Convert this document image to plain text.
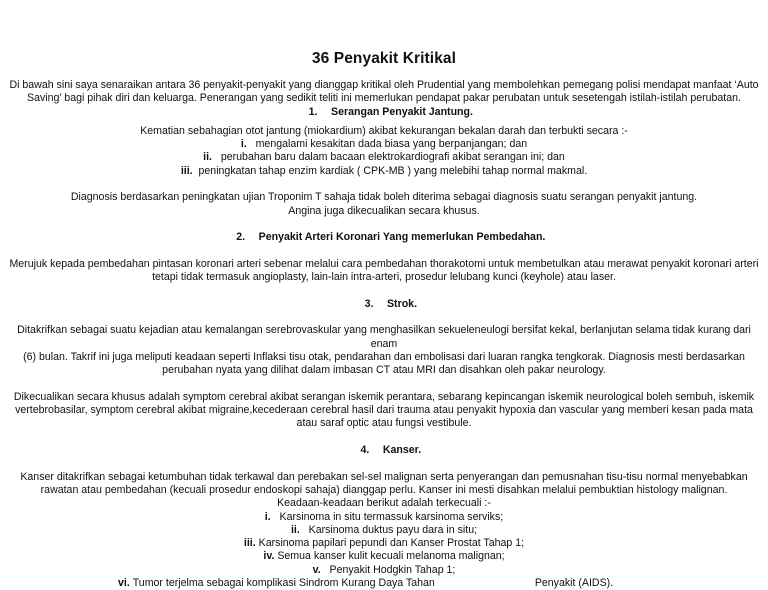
36 Penyakit Kritikal

Di bawah sini saya senaraikan antara 36 penyakit-penyakit yang dianggap kritikal oleh Prudential yang membolehkan pemegang polisi mendapat manfaat ‘Auto

Saving’ bagi pihak diri dan keluarga. Penerangan yang sedikit teliti ini memerlukan pendapat pakar perubatan untuk sesetengah istilah-istilah perubatan.

1. Serangan Penyakit Jantung.

Kematian sebahagian otot jantung (miokardium) akibat kekurangan bekalan darah dan terbukti secara :-

i. mengalami kesakitan dada biasa yang berpanjangan; dan

ii. perubahan baru dalam bacaan elektrokardiografi akibat serangan ini; dan

iii. peningkatan tahap enzim kardiak ( CPK-MB ) yang melebihi tahap normal makmal.

Diagnosis berdasarkan peningkatan ujian Troponim T sahaja tidak boleh diterima sebagai diagnosis suatu serangan penyakit jantung.

Angina juga dikecualikan secara khusus.

2. Penyakit Arteri Koronari Yang memerlukan Pembedahan.

Merujuk kepada pembedahan pintasan koronari arteri sebenar melalui cara pembedahan thorakotomi untuk membetulkan atau merawat penyakit koronari arteri

tetapi tidak termasuk angioplasty, lain-lain intra-arteri, prosedur lelubang kunci (keyhole) atau laser.

3. Strok.

Ditakrifkan sebagai suatu kejadian atau kemalangan serebrovaskular yang menghasilkan sekueleneulogi bersifat kekal, berlanjutan selama tidak kurang dari enam

(6) bulan. Takrif ini juga meliputi keadaan seperti Inflaksi tisu otak, pendarahan dan embolisasi dari luaran rangka tengkorak. Diagnosis mesti berdasarkan

perubahan nyata yang dilihat dalam imbasan CT atau MRI dan disahkan oleh pakar neurology.

Dikecualikan secara khusus adalah symptom cerebral akibat serangan iskemik perantara, sebarang kepincangan iskemik neurological boleh sembuh, iskemik

vertebrobasilar, symptom cerebral akibat migraine,kecederaan cerebral hasil dari trauma atau penyakit hypoxia dan vascular yang memberi kesan pada mata

atau saraf optic atau fungsi vestibule.

4. Kanser.

Kanser ditakrifkan sebagai ketumbuhan tidak terkawal dan perebakan sel-sel malignan serta penyerangan dan pemusnahan tisu-tisu normal menyebabkan

rawatan atau pembedahan (kecuali prosedur endoskopi sahaja) dianggap perlu. Kanser ini mesti disahkan melalui pembuktian histology malignan.

Keadaan-keadaan berikut adalah terkecuali :-

i. Karsinoma in situ termassuk karsinoma serviks;

ii. Karsinoma duktus payu dara in situ;

iii. Karsinoma papilari pepundi dan Kanser Prostat Tahap 1;

iv. Semua kanser kulit kecuali melanoma malignan;

v. Penyakit Hodgkin Tahap 1;

vi. Tumor terjelma sebagai komplikasi Sindrom Kurang Daya Tahan	Penyakit (AIDS).
